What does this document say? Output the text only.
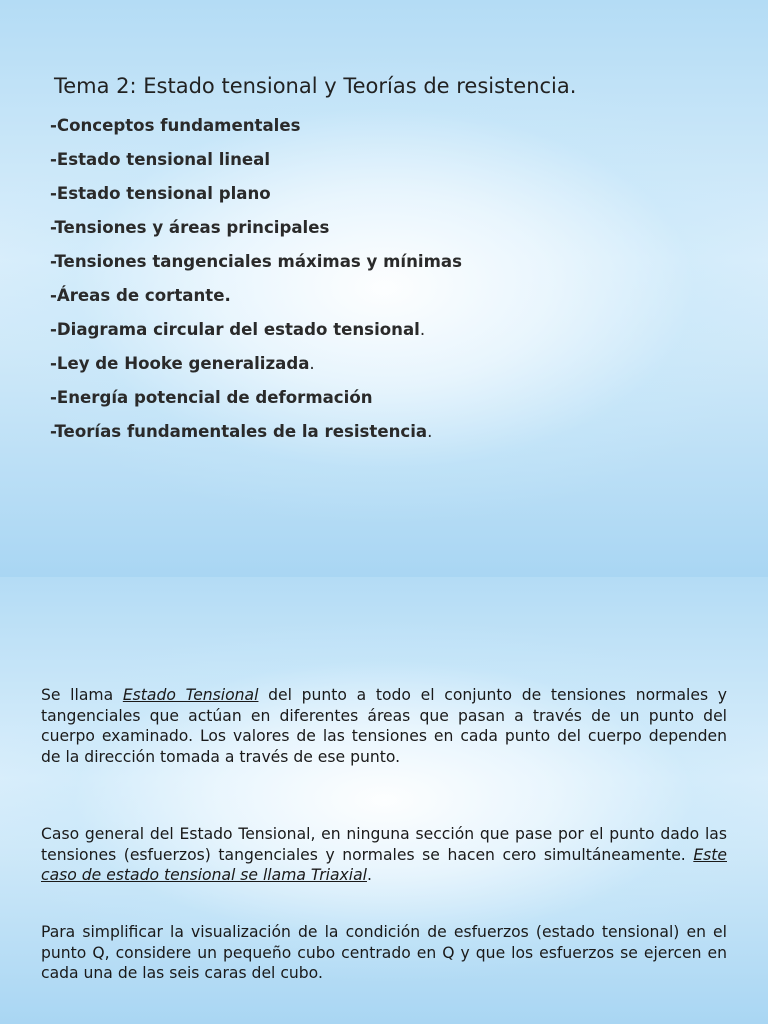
Tema 2: Estado tensional y Teorías de resistencia.
-Conceptos fundamentales
-Estado tensional lineal
-Estado tensional plano
-Tensiones y áreas principales
-Tensiones tangenciales máximas y mínimas
-Áreas de cortante.
-Diagrama circular del estado tensional.
-Ley de Hooke generalizada.
-Energía potencial de deformación
-Teorías fundamentales de la resistencia.

Se llama Estado Tensional del punto a todo el conjunto de tensiones normales y tangenciales que actúan en diferentes áreas que pasan a través de un punto del cuerpo examinado. Los valores de las tensiones en cada punto del cuerpo dependen de la dirección tomada a través de ese punto.

Caso general del Estado Tensional, en ninguna sección que pase por el punto dado las tensiones (esfuerzos) tangenciales y normales se hacen cero simultáneamente. Este caso de estado tensional se llama Triaxial.

Para simplificar la visualización de la condición de esfuerzos (estado tensional) en el punto Q, considere un pequeño cubo centrado en Q y que los esfuerzos se ejercen en cada una de las seis caras del cubo.
